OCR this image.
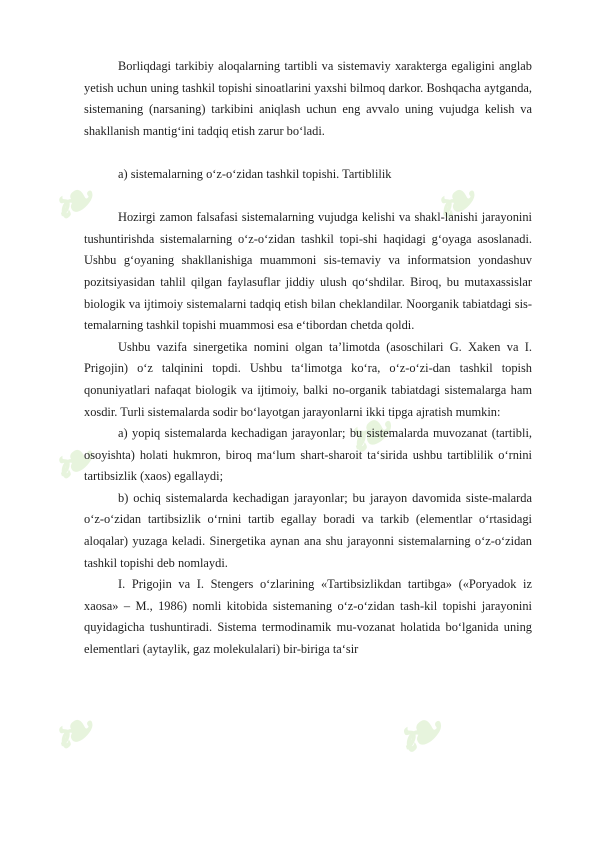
❧
❧
❧
❧
❧
❧

Borliqdagi tarkibiy aloqalarning tartibli va sistemaviy xarakterga egaligini anglab yetish uchun uning tashkil topishi sinoatlarini yaxshi bilmoq darkor. Boshqacha aytganda, sistemaning (narsaning) tarkibini aniqlash uchun eng avvalo uning vujudga kelish va shakllanish mantig‘ini tadqiq etish zarur bo‘ladi.

a) sistemalarning o‘z-o‘zidan tashkil topishi. Tartiblilik

Hozirgi zamon falsafasi sistemalarning vujudga kelishi va shakl-lanishi jarayonini tushuntirishda sistemalarning o‘z-o‘zidan tashkil topi-shi haqidagi g‘oyaga asoslanadi. Ushbu g‘oyaning shakllanishiga muammoni sis-temaviy va informatsion yondashuv pozitsiyasidan tahlil qilgan faylasuflar jiddiy ulush qo‘shdilar. Biroq, bu mutaxassislar biologik va ijtimoiy sistemalarni tadqiq etish bilan cheklandilar. Noorganik tabiatdagi sis-temalarning tashkil topishi muammosi esa e‘tibordan chetda qoldi.

Ushbu vazifa sinergetika nomini olgan ta’limotda (asoschilari G. Xaken va I. Prigojin) o‘z talqinini topdi. Ushbu ta‘limotga ko‘ra, o‘z-o‘zi-dan tashkil topish qonuniyatlari nafaqat biologik va ijtimoiy, balki no-organik tabiatdagi sistemalarga ham xosdir. Turli sistemalarda sodir bo‘layotgan jarayonlarni ikki tipga ajratish mumkin:

a) yopiq sistemalarda kechadigan jarayonlar; bu sistemalarda muvozanat (tartibli, osoyishta) holati hukmron, biroq ma‘lum shart-sharoit ta‘sirida ushbu tartiblilik o‘rnini tartibsizlik (xaos) egallaydi;

b) ochiq sistemalarda kechadigan jarayonlar; bu jarayon davomida siste-malarda o‘z-o‘zidan tartibsizlik o‘rnini tartib egallay boradi va tarkib (elementlar o‘rtasidagi aloqalar) yuzaga keladi. Sinergetika aynan ana shu jarayonni sistemalarning o‘z-o‘zidan tashkil topishi deb nomlaydi.

I. Prigojin va I. Stengers o‘zlarining «Tartibsizlikdan tartibga» («Poryadok iz xaosa» – M., 1986) nomli kitobida sistemaning o‘z-o‘zidan tash-kil topishi jarayonini quyidagicha tushuntiradi. Sistema termodinamik mu-vozanat holatida bo‘lganida uning elementlari (aytaylik, gaz molekulalari) bir-biriga ta‘sir
